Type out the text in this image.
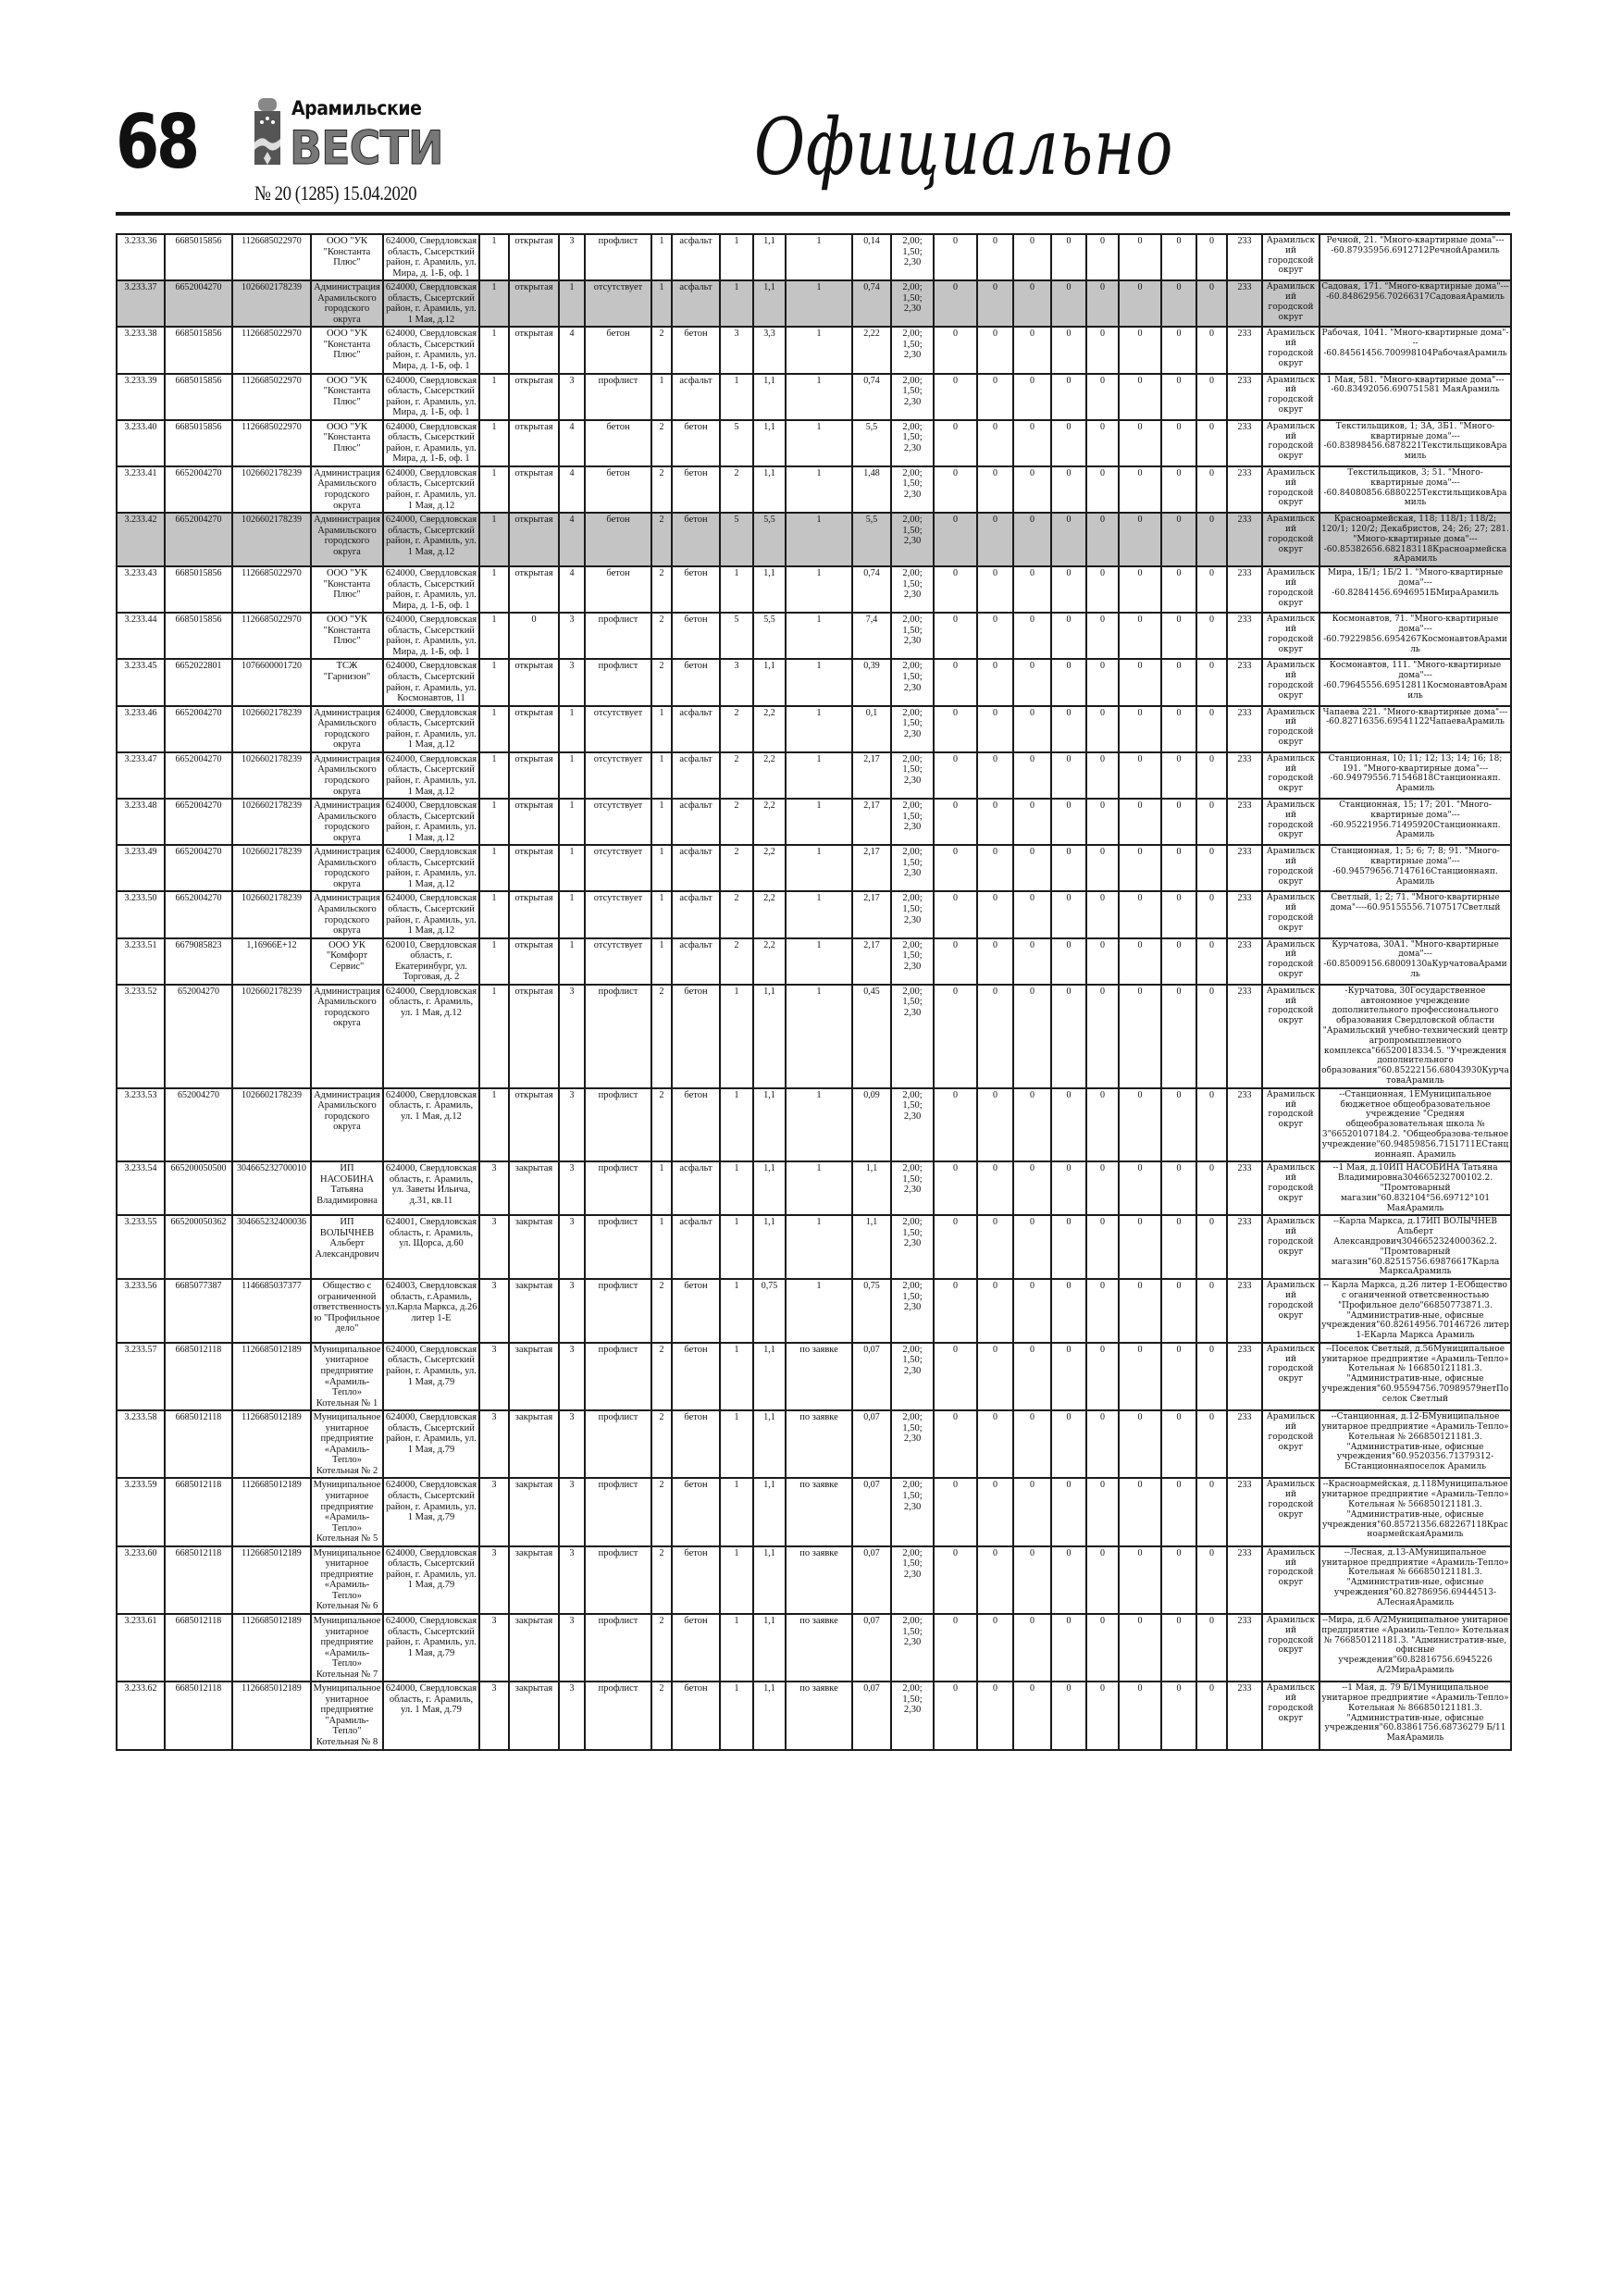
68	Арамильские
ВЕСТИ
№ 20 (1285) 15.04.2020
Официально
3.233.36	6685015856	1126685022970	ООО "УК "Константа Плюс"	624000, Свердловская область, Сысерсткий район, г. Арамиль, ул. Мира, д. 1-Б, оф. 1	1	открытая	3	профлист	1	асфальт	1	1,1	1	0,14	2,00; 1,50; 2,30	0	0	0	0	0	0	0	0	233	Арамильский городской округ	Речной, 21. "Много-квартирные дома"----60.87935956.6912712РечнойАрамиль
3.233.37	6652004270	1026602178239	Администрация Арамильского городского округа	624000, Свердловская область, Сысертский район, г. Арамиль, ул. 1 Мая, д.12	1	открытая	1	отсутствует	1	асфальт	1	1,1	1	0,74	2,00; 1,50; 2,30	0	0	0	0	0	0	0	0	233	Арамильский городской округ	Садовая, 171. "Много-квартирные дома"----60.84862956.70266317СадоваяАрамиль
3.233.38	6685015856	1126685022970	ООО "УК "Константа Плюс"	624000, Свердловская область, Сысерсткий район, г. Арамиль, ул. Мира, д. 1-Б, оф. 1	1	открытая	4	бетон	2	бетон	3	3,3	1	2,22	2,00; 1,50; 2,30	0	0	0	0	0	0	0	0	233	Арамильский городской округ	Рабочая, 1041. "Много-квартирные дома"----60.84561456.700998104РабочаяАрамиль
3.233.39	6685015856	1126685022970	ООО "УК "Константа Плюс"	624000, Свердловская область, Сысерсткий район, г. Арамиль, ул. Мира, д. 1-Б, оф. 1	1	открытая	3	профлист	1	асфальт	1	1,1	1	0,74	2,00; 1,50; 2,30	0	0	0	0	0	0	0	0	233	Арамильский городской округ	1 Мая, 581. "Много-квартирные дома"----60.83492056.690751581 МаяАрамиль
3.233.40	6685015856	1126685022970	ООО "УК "Константа Плюс"	624000, Свердловская область, Сысерсткий район, г. Арамиль, ул. Мира, д. 1-Б, оф. 1	1	открытая	4	бетон	2	бетон	5	1,1	1	5,5	2,00; 1,50; 2,30	0	0	0	0	0	0	0	0	233	Арамильский городской округ	Текстильщиков, 1; 3А, 3Б1. "Много-квартирные дома"----60.83898456.6878221ТекстильщиковАрамиль
3.233.41	6652004270	1026602178239	Администрация Арамильского городского округа	624000, Свердловская область, Сысертский район, г. Арамиль, ул. 1 Мая, д.12	1	открытая	4	бетон	2	бетон	2	1,1	1	1,48	2,00; 1,50; 2,30	0	0	0	0	0	0	0	0	233	Арамильский городской округ	Текстильщиков, 3; 51. "Много-квартирные дома"----60.84080856.6880225ТекстильщиковАрамиль
3.233.42	6652004270	1026602178239	Администрация Арамильского городского округа	624000, Свердловская область, Сысертский район, г. Арамиль, ул. 1 Мая, д.12	1	открытая	4	бетон	2	бетон	5	5,5	1	5,5	2,00; 1,50; 2,30	0	0	0	0	0	0	0	0	233	Арамильский городской округ	Красноармейская, 118; 118/1; 118/2; 120/1; 120/2; Декабристов, 24; 26; 27; 281. "Много-квартирные дома"----60.85382656.682183118КрасноармейскаяАрамиль
3.233.43	6685015856	1126685022970	ООО "УК "Константа Плюс"	624000, Свердловская область, Сысерсткий район, г. Арамиль, ул. Мира, д. 1-Б, оф. 1	1	открытая	4	бетон	2	бетон	1	1,1	1	0,74	2,00; 1,50; 2,30	0	0	0	0	0	0	0	0	233	Арамильский городской округ	Мира, 1Б/1; 1Б/2 1. "Много-квартирные дома"----60.82841456.6946951БМираАрамиль
3.233.44	6685015856	1126685022970	ООО "УК "Константа Плюс"	624000, Свердловская область, Сысерсткий район, г. Арамиль, ул. Мира, д. 1-Б, оф. 1	1	0	3	профлист	2	бетон	5	5,5	1	7,4	2,00; 1,50; 2,30	0	0	0	0	0	0	0	0	233	Арамильский городской округ	Космонавтов, 71. "Много-квартирные дома"----60.79229856.6954267КосмонавтовАрамиль
3.233.45	6652022801	1076600001720	ТСЖ "Гарнизон"	624000, Свердловская область, Сысертский район, г. Арамиль, ул. Космонавтов, 11	1	открытая	3	профлист	2	бетон	3	1,1	1	0,39	2,00; 1,50; 2,30	0	0	0	0	0	0	0	0	233	Арамильский городской округ	Космонавтов, 111. "Много-квартирные дома"----60.79645556.69512811КосмонавтовАрамиль
3.233.46	6652004270	1026602178239	Администрация Арамильского городского округа	624000, Свердловская область, Сысертский район, г. Арамиль, ул. 1 Мая, д.12	1	открытая	1	отсутствует	1	асфальт	2	2,2	1	0,1	2,00; 1,50; 2,30	0	0	0	0	0	0	0	0	233	Арамильский городской округ	Чапаева 221. "Много-квартирные дома"----60.82716356.69541122ЧапаеваАрамиль
3.233.47	6652004270	1026602178239	Администрация Арамильского городского округа	624000, Свердловская область, Сысертский район, г. Арамиль, ул. 1 Мая, д.12	1	открытая	1	отсутствует	1	асфальт	2	2,2	1	2,17	2,00; 1,50; 2,30	0	0	0	0	0	0	0	0	233	Арамильский городской округ	Станционная, 10; 11; 12; 13; 14; 16; 18; 191. "Много-квартирные дома"----60.94979556.71546818Станционнаяп. Арамиль
3.233.48	6652004270	1026602178239	Администрация Арамильского городского округа	624000, Свердловская область, Сысертский район, г. Арамиль, ул. 1 Мая, д.12	1	открытая	1	отсутствует	1	асфальт	2	2,2	1	2,17	2,00; 1,50; 2,30	0	0	0	0	0	0	0	0	233	Арамильский городской округ	Станционная, 15; 17; 201. "Много-квартирные дома"----60.95221956.71495920Станционнаяп. Арамиль
3.233.49	6652004270	1026602178239	Администрация Арамильского городского округа	624000, Свердловская область, Сысертский район, г. Арамиль, ул. 1 Мая, д.12	1	открытая	1	отсутствует	1	асфальт	2	2,2	1	2,17	2,00; 1,50; 2,30	0	0	0	0	0	0	0	0	233	Арамильский городской округ	Станционная, 1; 5; 6; 7; 8; 91. "Много-квартирные дома"----60.94579656.7147616Станционнаяп. Арамиль
3.233.50	6652004270	1026602178239	Администрация Арамильского городского округа	624000, Свердловская область, Сысертский район, г. Арамиль, ул. 1 Мая, д.12	1	открытая	1	отсутствует	1	асфальт	2	2,2	1	2,17	2,00; 1,50; 2,30	0	0	0	0	0	0	0	0	233	Арамильский городской округ	Светлый, 1; 2; 71. "Много-квартирные дома"----60.95155556.7107517Светлый
3.233.51	6679085823	1,16966E+12	ООО УК "Комфорт Сервис"	620010, Свердловская область, г. Екатеринбург, ул. Торговая, д. 2	1	открытая	1	отсутствует	1	асфальт	2	2,2	1	2,17	2,00; 1,50; 2,30	0	0	0	0	0	0	0	0	233	Арамильский городской округ	Курчатова, 30А1. "Много-квартирные дома"----60.85009156.68009130аКурчатоваАрамиль
3.233.52	652004270	1026602178239	Администрация Арамильского городского округа	624000, Свердловская область, г. Арамиль, ул. 1 Мая, д.12	1	открытая	3	профлист	2	бетон	1	1,1	1	0,45	2,00; 1,50; 2,30	0	0	0	0	0	0	0	0	233	Арамильский городской округ	-Курчатова, 30Государственное автономное учреждение дополнительного профессионального образования Свердловской области "Арамильский учебно-технический центр агропромышленного комплекса"66520018334.5. "Учреждения дополнительного образования"60.85222156.68043930КурчатоваАрамиль
3.233.53	652004270	1026602178239	Администрация Арамильского городского округа	624000, Свердловская область, г. Арамиль, ул. 1 Мая, д.12	1	открытая	3	профлист	2	бетон	1	1,1	1	0,09	2,00; 1,50; 2,30	0	0	0	0	0	0	0	0	233	Арамильский городской округ	--Станционная, 1ЕМуниципальное бюджетное общеобразовательное учреждение "Средняя общеобразовательная школа № 3"66520107184.2. "Общеобразова-тельное учреждение"60.94859856.7151711ЕСтанционнаяп. Арамиль
3.233.54	665200050500	304665232700010	ИП НАСОБИНА Татьяна Владимировна	624000, Свердловская область, г. Арамиль, ул. Заветы Ильича, д.31, кв.11	3	закрытая	3	профлист	1	асфальт	1	1,1	1	1,1	2,00; 1,50; 2,30	0	0	0	0	0	0	0	0	233	Арамильский городской округ	--1 Мая, д.10ИП НАСОБИНА Татьяна Владимировна304665232700102.2. "Промтоварный магазин"60.832104°56.69712°101 МаяАрамиль
3.233.55	665200050362	304665232400036	ИП ВОЛЫЧНЕВ Альберт Александрович	624001, Свердловская область, г. Арамиль, ул. Щорса, д.60	3	закрытая	3	профлист	1	асфальт	1	1,1	1	1,1	2,00; 1,50; 2,30	0	0	0	0	0	0	0	0	233	Арамильский городской округ	--Карла Маркса, д.17ИП ВОЛЫЧНЕВ Альберт Александрович3046652324000362.2. "Промтоварный магазин"60.82515756.69876617Карла МарксаАрамиль
3.233.56	6685077387	1146685037377	Общество с ограниченной ответственностью "Профильное дело"	624003, Свердловская область, г.Арамиль, ул.Карла Маркса, д.26 литер 1-Е	3	закрытая	3	профлист	2	бетон	1	0,75	1	0,75	2,00; 1,50; 2,30	0	0	0	0	0	0	0	0	233	Арамильский городской округ	-- Карла Маркса, д.26 литер 1-ЕОбщество с оганиченной ответсвенностьью "Профильное дело"66850773871.3. "Административ-ные, офисные учреждения"60.82614956.70146726 литер 1-ЕКарла Маркса Арамиль
3.233.57	6685012118	1126685012189	Муниципальное унитарное предприятие «Арамиль-Тепло» Котельная № 1	624000, Свердловская область, Сысертский район, г. Арамиль, ул. 1 Мая, д.79	3	закрытая	3	профлист	2	бетон	1	1,1	по заявке	0,07	2,00; 1,50; 2,30	0	0	0	0	0	0	0	0	233	Арамильский городской округ	--Поселок Светлый, д.56Муниципальное унитарное предприятие «Арамиль-Тепло» Котельная № 166850121181.3. "Административ-ные, офисные учреждения"60.95594756.70989579нетПоселок Светлый
3.233.58	6685012118	1126685012189	Муниципальное унитарное предприятие «Арамиль-Тепло» Котельная № 2	624000, Свердловская область, Сысертский район, г. Арамиль, ул. 1 Мая, д.79	3	закрытая	3	профлист	2	бетон	1	1,1	по заявке	0,07	2,00; 1,50; 2,30	0	0	0	0	0	0	0	0	233	Арамильский городской округ	--Станционная, д.12-БМуниципальное унитарное предприятие «Арамиль-Тепло» Котельная № 266850121181.3. "Административ-ные, офисные учреждения"60.9520356.71379312-БСтанционнаяпоселок Арамиль
3.233.59	6685012118	1126685012189	Муниципальное унитарное предприятие «Арамиль-Тепло» Котельная № 5	624000, Свердловская область, Сысертский район, г. Арамиль, ул. 1 Мая, д.79	3	закрытая	3	профлист	2	бетон	1	1,1	по заявке	0,07	2,00; 1,50; 2,30	0	0	0	0	0	0	0	0	233	Арамильский городской округ	--Красноармейская, д.118Муниципальное унитарное предприятие «Арамиль-Тепло» Котельная № 566850121181.3. "Административ-ные, офисные учреждения"60.85721356.682267118КрасноармейскаяАрамиль
3.233.60	6685012118	1126685012189	Муниципальное унитарное предприятие «Арамиль-Тепло» Котельная № 6	624000, Свердловская область, Сысертский район, г. Арамиль, ул. 1 Мая, д.79	3	закрытая	3	профлист	2	бетон	1	1,1	по заявке	0,07	2,00; 1,50; 2,30	0	0	0	0	0	0	0	0	233	Арамильский городской округ	--Лесная, д.13-АМуниципальное унитарное предприятие «Арамиль-Тепло» Котельная № 666850121181.3. "Административ-ные, офисные учреждения"60.82786956.69444513-АЛеснаяАрамиль
3.233.61	6685012118	1126685012189	Муниципальное унитарное предприятие «Арамиль-Тепло» Котельная № 7	624000, Свердловская область, Сысертский район, г. Арамиль, ул. 1 Мая, д.79	3	закрытая	3	профлист	2	бетон	1	1,1	по заявке	0,07	2,00; 1,50; 2,30	0	0	0	0	0	0	0	0	233	Арамильский городской округ	--Мира, д.6 А/2Муниципальное унитарное предприятие «Арамиль-Тепло» Котельная № 766850121181.3. "Административ-ные, офисные учреждения"60.82816756.6945226 А/2МираАрамиль
3.233.62	6685012118	1126685012189	Муниципальное унитарное предприятие "Арамиль-Тепло" Котельная № 8	624000, Свердловская область, г. Арамиль, ул. 1 Мая, д.79	3	закрытая	3	профлист	2	бетон	1	1,1	по заявке	0,07	2,00; 1,50; 2,30	0	0	0	0	0	0	0	0	233	Арамильский городской округ	--1 Мая, д. 79 Б/1Муниципальное унитарное предприятие «Арамиль-Тепло» Котельная № 866850121181.3. "Административ-ные, офисные учреждения"60.83861756.68736279 Б/11 МаяАрамиль
